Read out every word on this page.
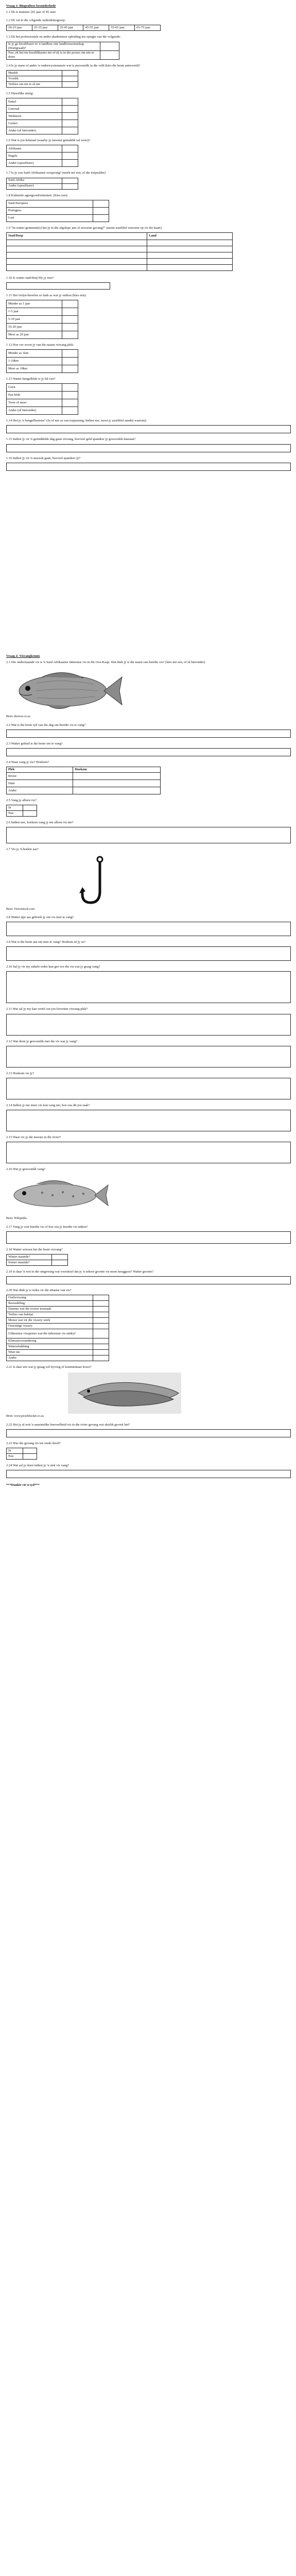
Vraag 1: Biografiese besonderhede

1.1 Ek is mansies {8} jaar of 45 ouer

1.2 Ek val in die volgende ouderdomsgroep:

18-25 jaar	25-35 jaar	35-45 jaar	45-55 jaar	55-65 jaar	65-75 jaar

1.3 Ek het professionele en ander akademiese opleiding ten opsigte van die volgende:

Is jy ge-kwalifiseer in 'n landbou-/nie landbouwetenskap (Hoërgraad)?	
Nee, ek het nie kwalifikasies nie of ek is in die proses om iets te doen	

1.4 Is jy mans of ander 'n onderwysinstansie wat is persoonlik in die veld (kies die beste antwoord)?

Manlik	
Vroulik	
Verkies om nie te sê nie	

1.5 Huwelike uitsig:

Enkel	
Getroud	
Weduwee	
Geskei	
Ander (sê hieronder)	

1.6 Wat is jou huistaal (waarby jy meestal gemaklik sal wees)?

Afrikaans	
Engels	
Ander (spesifiseer)	

1.7 Is jy van Suid-Afrikaanse oorsprong? (merk net een, of die toepaslike)

Suid-Afrika	
Ander (spesifiseer)	

1.8 Kulturele agtergrond/etnisiteit. (Kies een):

Suid-Europees	
Portugees	
Laai	

1.9 "In watter gemeente(s) het jy in die afgelope jare al seisoene gevang?" (neem asseblief seisoene op vir die kaart)

Stad/Dorp	Land

1.10 Is watter stad/dorp bly jy nou?

1.11 Het vislyn-beoefen so lank as wat jy onthou (kies een):

Minder as 1 jaar	
1-5 jaar	
5-10 jaar	
10-20 jaar	
Meer as 20 jaar	

1.12 Hoe ver woon jy van die naaste visvang plek:

Minder as 1km	
1-10km	
Meer as 10km	

1.13 Watter hengelklub is jy lid van?

Geen	
Een klub	
Twee of meer	
Ander (sê hieronder)	

1.14 Het jy 'n hengellisensie? (Ja of nee as van toepassing; Indien nee, moet jy asseblief aandui waarom)

1.15 Indien jy vir 'n gemiddelde dag gaan visvang, hoeveel geld spandeer jy gewoonlik daaraan?

1.16 Indien jy vir 'n naweek gaan, hoeveel spandeer jy?

Vraag 2: Visvangkennis

2.1 Die onderstaande vis is 'n Suid-Afrikaanse inheemse vis in die Oos-Kaap. Wat dink jy is die naam van hierdie vis? (kies net een, of sê hieronder)

Bron: dieroos.co.za

2.2 Wat is die beste tyd van die dag om hierdie vis te vang?

2.3 Watter gebied is die beste om te vang?

2.4 Waar vang jy vis? Hoekom?

Plek	Hoekom
Rivier	
Dam	
Ander	

2.5 Vang jy alleen vis?

Ja	
Nee	

2.6 Indien nee, hoekom vang jy nie alleen vis nie?

2.7 Vis jy 'n hoekie aas?

Bron: Vectorstock.com

2.8 Watter tipe aas gebruik jy om vis mee te vang?

2.9 Wat is die beste aas om mee te vang? Hoekom sê jy so?

2.10 Sal jy vir my enkele redes kan gee oor die vis wat jy graag vang?

2.11 Wat sal jy my kan vertel oor jou favoriete visvang plek?

2.12 Wat doen jy gewoonlik met die vis wat jy vang?

2.13 Hoekom vis jy?

2.14 Indien jy nie meer vis kon vang nie, hoe sou dit jou raak?

2.15 Waar vis jy die meeste in die rivier?

2.16 Wat jy gewoonlik vang?

Bron: Wikipedia

2.17 Vang jy ooit hierdie vis of hoe sou jy hierdie vis uitken?

2.18 Watter seisoen het die beste visvang?

Winter maande?	
Somer maande?	

2.19 Is daar 'n wet in die omgewing wat voorskryf dat jy 'n sekere grootte vis moet teruggooi? Watter grootte?

2.20 Wat dink jy is redes vir die afname van vis?

Oorbevissing	
Besoedeling	
Damme wat die riviere toemaak	
Verlies van habitat	
Mense wat vir die vissery werk	
Onwettige vissery	
Uitheemse visspesies wat die inheemse vis uitdryf	
Klimaatsverandering	
Waterafsakking	
Weet nie	
Ander	

2.21 Is daar iets wat jy graag wil byvoeg of kommentaar lewer?

Bron: www.pictoblocker.co.za

2.22 Het jy al ooit 'n aansienlike hoeveelheid vis in die rivier gevang wat skielik gevrek het?

2.23 Was die gevang vis toe reeds dood?

Ja	
Nee	

2.24 Wat sal jy doen indien jy 'n siek vis vang?

***Dankie vir u tyd***
